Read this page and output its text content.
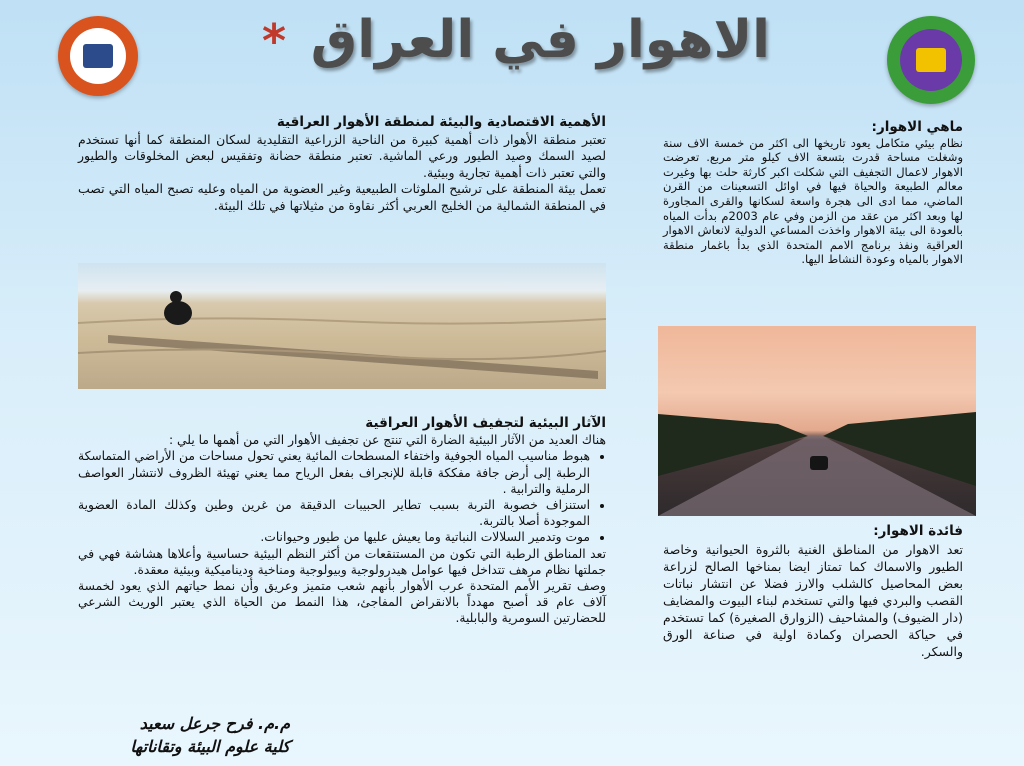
* الاهوار في العراق
الأهمية الاقتصادية والبيئة لمنطقة الأهوار العراقية

تعتبر منطقة الأهوار ذات أهمية كبيرة من الناحية الزراعية التقليدية لسكان المنطقة كما أنها تستخدم لصيد السمك وصيد الطيور ورعي الماشية. تعتبر منطقة حضانة وتفقيس لبعض المخلوقات والطيور والتي تعتبر ذات أهمية تجارية وبيئية.

تعمل بيئة المنطقة على ترشيح الملوثات الطبيعية وغير العضوية من المياه وعليه تصبح المياه التي تصب في المنطقة الشمالية من الخليج العربي أكثر نقاوة من مثيلاتها في تلك البيئة.

ماهي الاهوار:

نظام بيئي متكامل يعود تاريخها الى اكثر من خمسة الاف سنة وشغلت مساحة قدرت بتسعة الاف كيلو متر مربع. تعرضت الاهوار لاعمال التجفيف التي شكلت اكبر كارثة حلت بها وغيرت معالم الطبيعة والحياة فيها في اوائل التسعينات من القرن الماضي، مما ادى الى هجرة واسعة لسكانها والقرى المجاورة لها وبعد اكثر من عقد من الزمن وفي عام 2003م بدأت المياه بالعودة الى بيئة الاهوار واخذت المساعي الدولية لانعاش الاهوار العراقية ونفذ برنامج الامم المتحدة الذي بدأ باغمار منطقة الاهوار بالمياه وعودة النشاط اليها.

الآثار البيئية لتجفيف الأهوار العراقية

هناك العديد من الآثار البيئية الضارة التي تنتج عن تجفيف الأهوار التي من أهمها ما يلي :

• هبوط مناسيب المياه الجوفية واختفاء المسطحات المائية يعني تحول مساحات من الأراضي المتماسكة الرطبة إلى أرض جافة مفككة قابلة للإنجراف بفعل الرياح مما يعني تهيئة الظروف لانتشار العواصف الرملية والترابية .
• استنزاف خصوبة التربة بسبب تطاير الحبيبات الدقيقة من غرين وطين وكذلك المادة العضوية الموجودة أصلا بالتربة.
• موت وتدمير السلالات النباتية وما يعيش عليها من طيور وحيوانات.

تعد المناطق الرطبة التي تكون من المستنقعات من أكثر النظم البيئية حساسية وأعلاها هشاشة فهي في جملتها نظام مرهف تتداخل فيها عوامل هيدرولوجية وبيولوجية ومناخية وديناميكية وبيئية معقدة.

وصف تقرير الأمم المتحدة عرب الأهوار بأنهم شعب متميز وعريق وأن نمط حياتهم الذي يعود لخمسة آلاف عام قد أصبح مهدداً بالانقراض المفاجئ، هذا النمط من الحياة الذي يعتبر الوريث الشرعي للحضارتين السومرية والبابلية.

فائدة الاهوار:

تعد الاهوار من المناطق الغنية بالثروة الحيوانية وخاصة الطيور والاسماك كما تمتاز ايضا بمناخها الصالح لزراعة بعض المحاصيل كالشلب والارز فضلا عن انتشار نباتات القصب والبردي فيها والتي تستخدم لبناء البيوت والمضايف (دار الضيوف) والمشاحيف (الزوارق الصغيرة) كما تستخدم في حياكة الحصران وكمادة اولية في صناعة الورق والسكر.

م.م. فرح جرعل سعيد
كلية علوم البيئة وتقاناتها
